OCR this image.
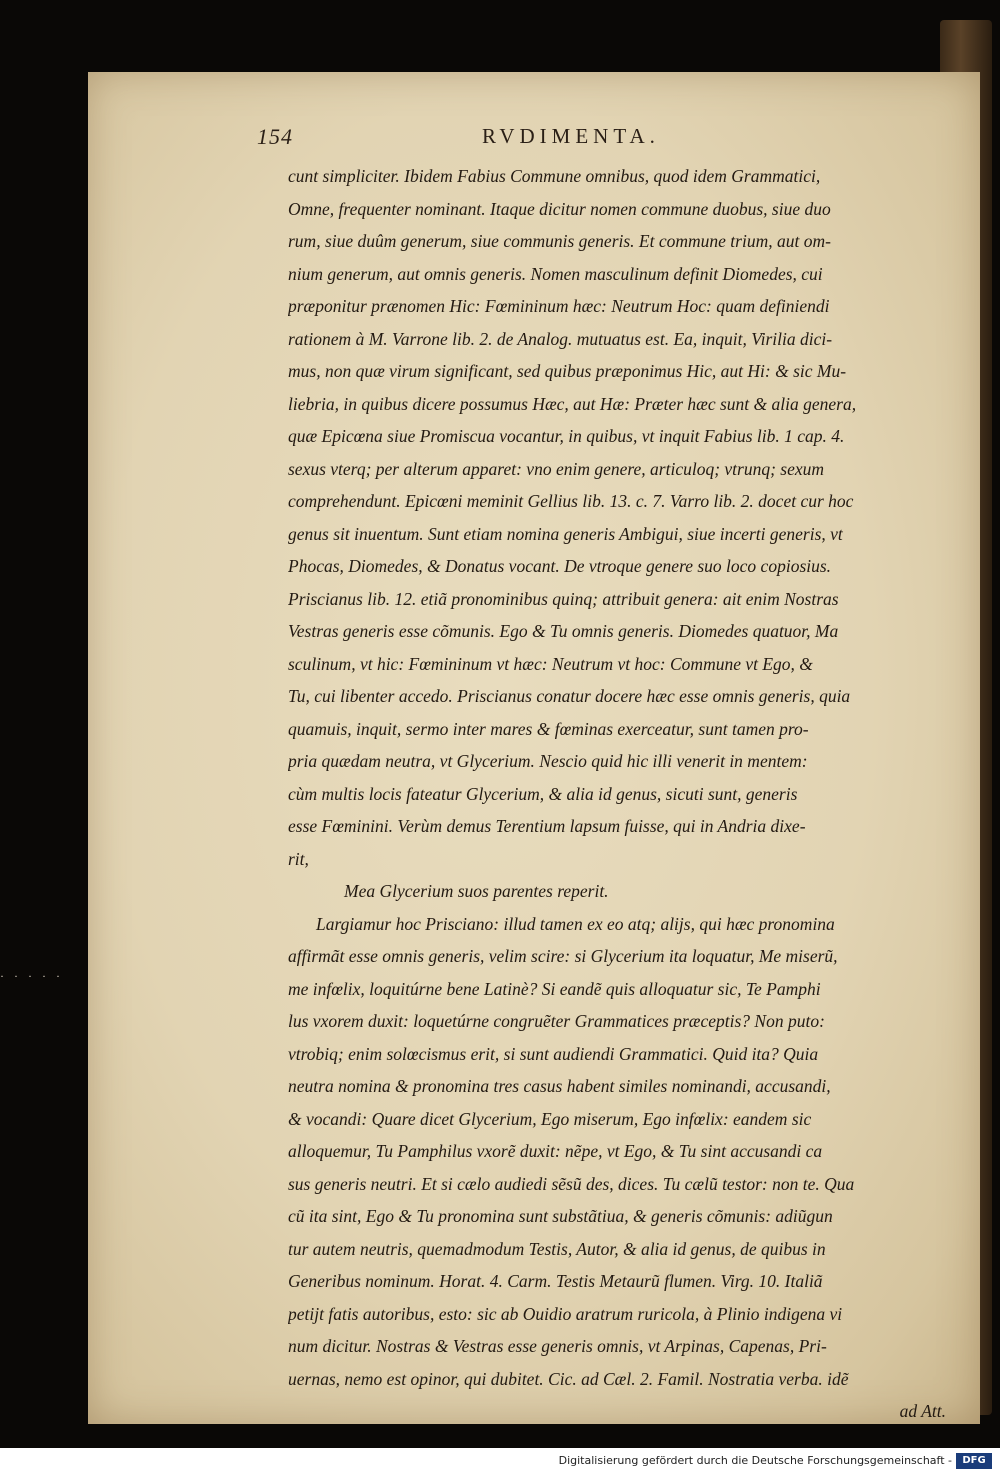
154	RVDIMENTA.
cunt simpliciter. Ibidem Fabius Commune omnibus, quod idem Grammatici,
Omne, frequenter nominant. Itaque dicitur nomen commune duobus, siue duo
rum, siue duûm generum, siue communis generis. Et commune trium, aut om-
nium generum, aut omnis generis. Nomen masculinum definit Diomedes, cui
præponitur prænomen Hic: Fœmininum hæc: Neutrum Hoc: quam definiendi
rationem à M. Varrone lib. 2. de Analog. mutuatus est. Ea, inquit, Virilia dici-
mus, non quæ virum significant, sed quibus præponimus Hic, aut Hi: & sic Mu-
liebria, in quibus dicere possumus Hæc, aut Hæ: Præter hæc sunt & alia genera,
quæ Epicœna siue Promiscua vocantur, in quibus, vt inquit Fabius lib. 1 cap. 4.
sexus vterq; per alterum apparet: vno enim genere, articuloq; vtrunq; sexum
comprehendunt. Epicœni meminit Gellius lib. 13. c. 7. Varro lib. 2. docet cur hoc
genus sit inuentum. Sunt etiam nomina generis Ambigui, siue incerti generis, vt
Phocas, Diomedes, & Donatus vocant. De vtroque genere suo loco copiosius.
Priscianus lib. 12. etiã pronominibus quinq; attribuit genera: ait enim Nostras
Vestras generis esse cõmunis. Ego & Tu omnis generis. Diomedes quatuor, Ma
sculinum, vt hic: Fœmininum vt hæc: Neutrum vt hoc: Commune vt Ego, &
Tu, cui libenter accedo. Priscianus conatur docere hæc esse omnis generis, quia
quamuis, inquit, sermo inter mares & fœminas exerceatur, sunt tamen pro-
pria quædam neutra, vt Glycerium. Nescio quid hic illi venerit in mentem:
cùm multis locis fateatur Glycerium, & alia id genus, sicuti sunt, generis
esse Fœminini. Verùm demus Terentium lapsum fuisse, qui in Andria dixe-
rit,
Mea Glycerium suos parentes reperit.
Largiamur hoc Prisciano: illud tamen ex eo atq; alijs, qui hæc pronomina
affirmãt esse omnis generis, velim scire: si Glycerium ita loquatur, Me miserũ,
me infœlix, loquitúrne bene Latinè? Si eandẽ quis alloquatur sic, Te Pamphi
lus vxorem duxit: loquetúrne congruẽter Grammatices præceptis? Non puto:
vtrobiq; enim solœcismus erit, si sunt audiendi Grammatici. Quid ita? Quia
neutra nomina & pronomina tres casus habent similes nominandi, accusandi,
& vocandi: Quare dicet Glycerium, Ego miserum, Ego infœlix: eandem sic
alloquemur, Tu Pamphilus vxorẽ duxit: nẽpe, vt Ego, & Tu sint accusandi ca
sus generis neutri. Et si cælo audiedi sẽsũ des, dices. Tu cælũ testor: non te. Qua
cũ ita sint, Ego & Tu pronomina sunt substãtiua, & generis cõmunis: adiũgun
tur autem neutris, quemadmodum Testis, Autor, & alia id genus, de quibus in
Generibus nominum. Horat. 4. Carm. Testis Metaurũ flumen. Virg. 10. Italiã
petijt fatis autoribus, esto: sic ab Ouidio aratrum ruricola, à Plinio indigena vi
num dicitur. Nostras & Vestras esse generis omnis, vt Arpinas, Capenas, Pri-
uernas, nemo est opinor, qui dubitet. Cic. ad Cæl. 2. Famil. Nostratia verba. idẽ
ad Att.
·····
Digitalisierung gefördert durch die Deutsche Forschungsgemeinschaft -	DFG
